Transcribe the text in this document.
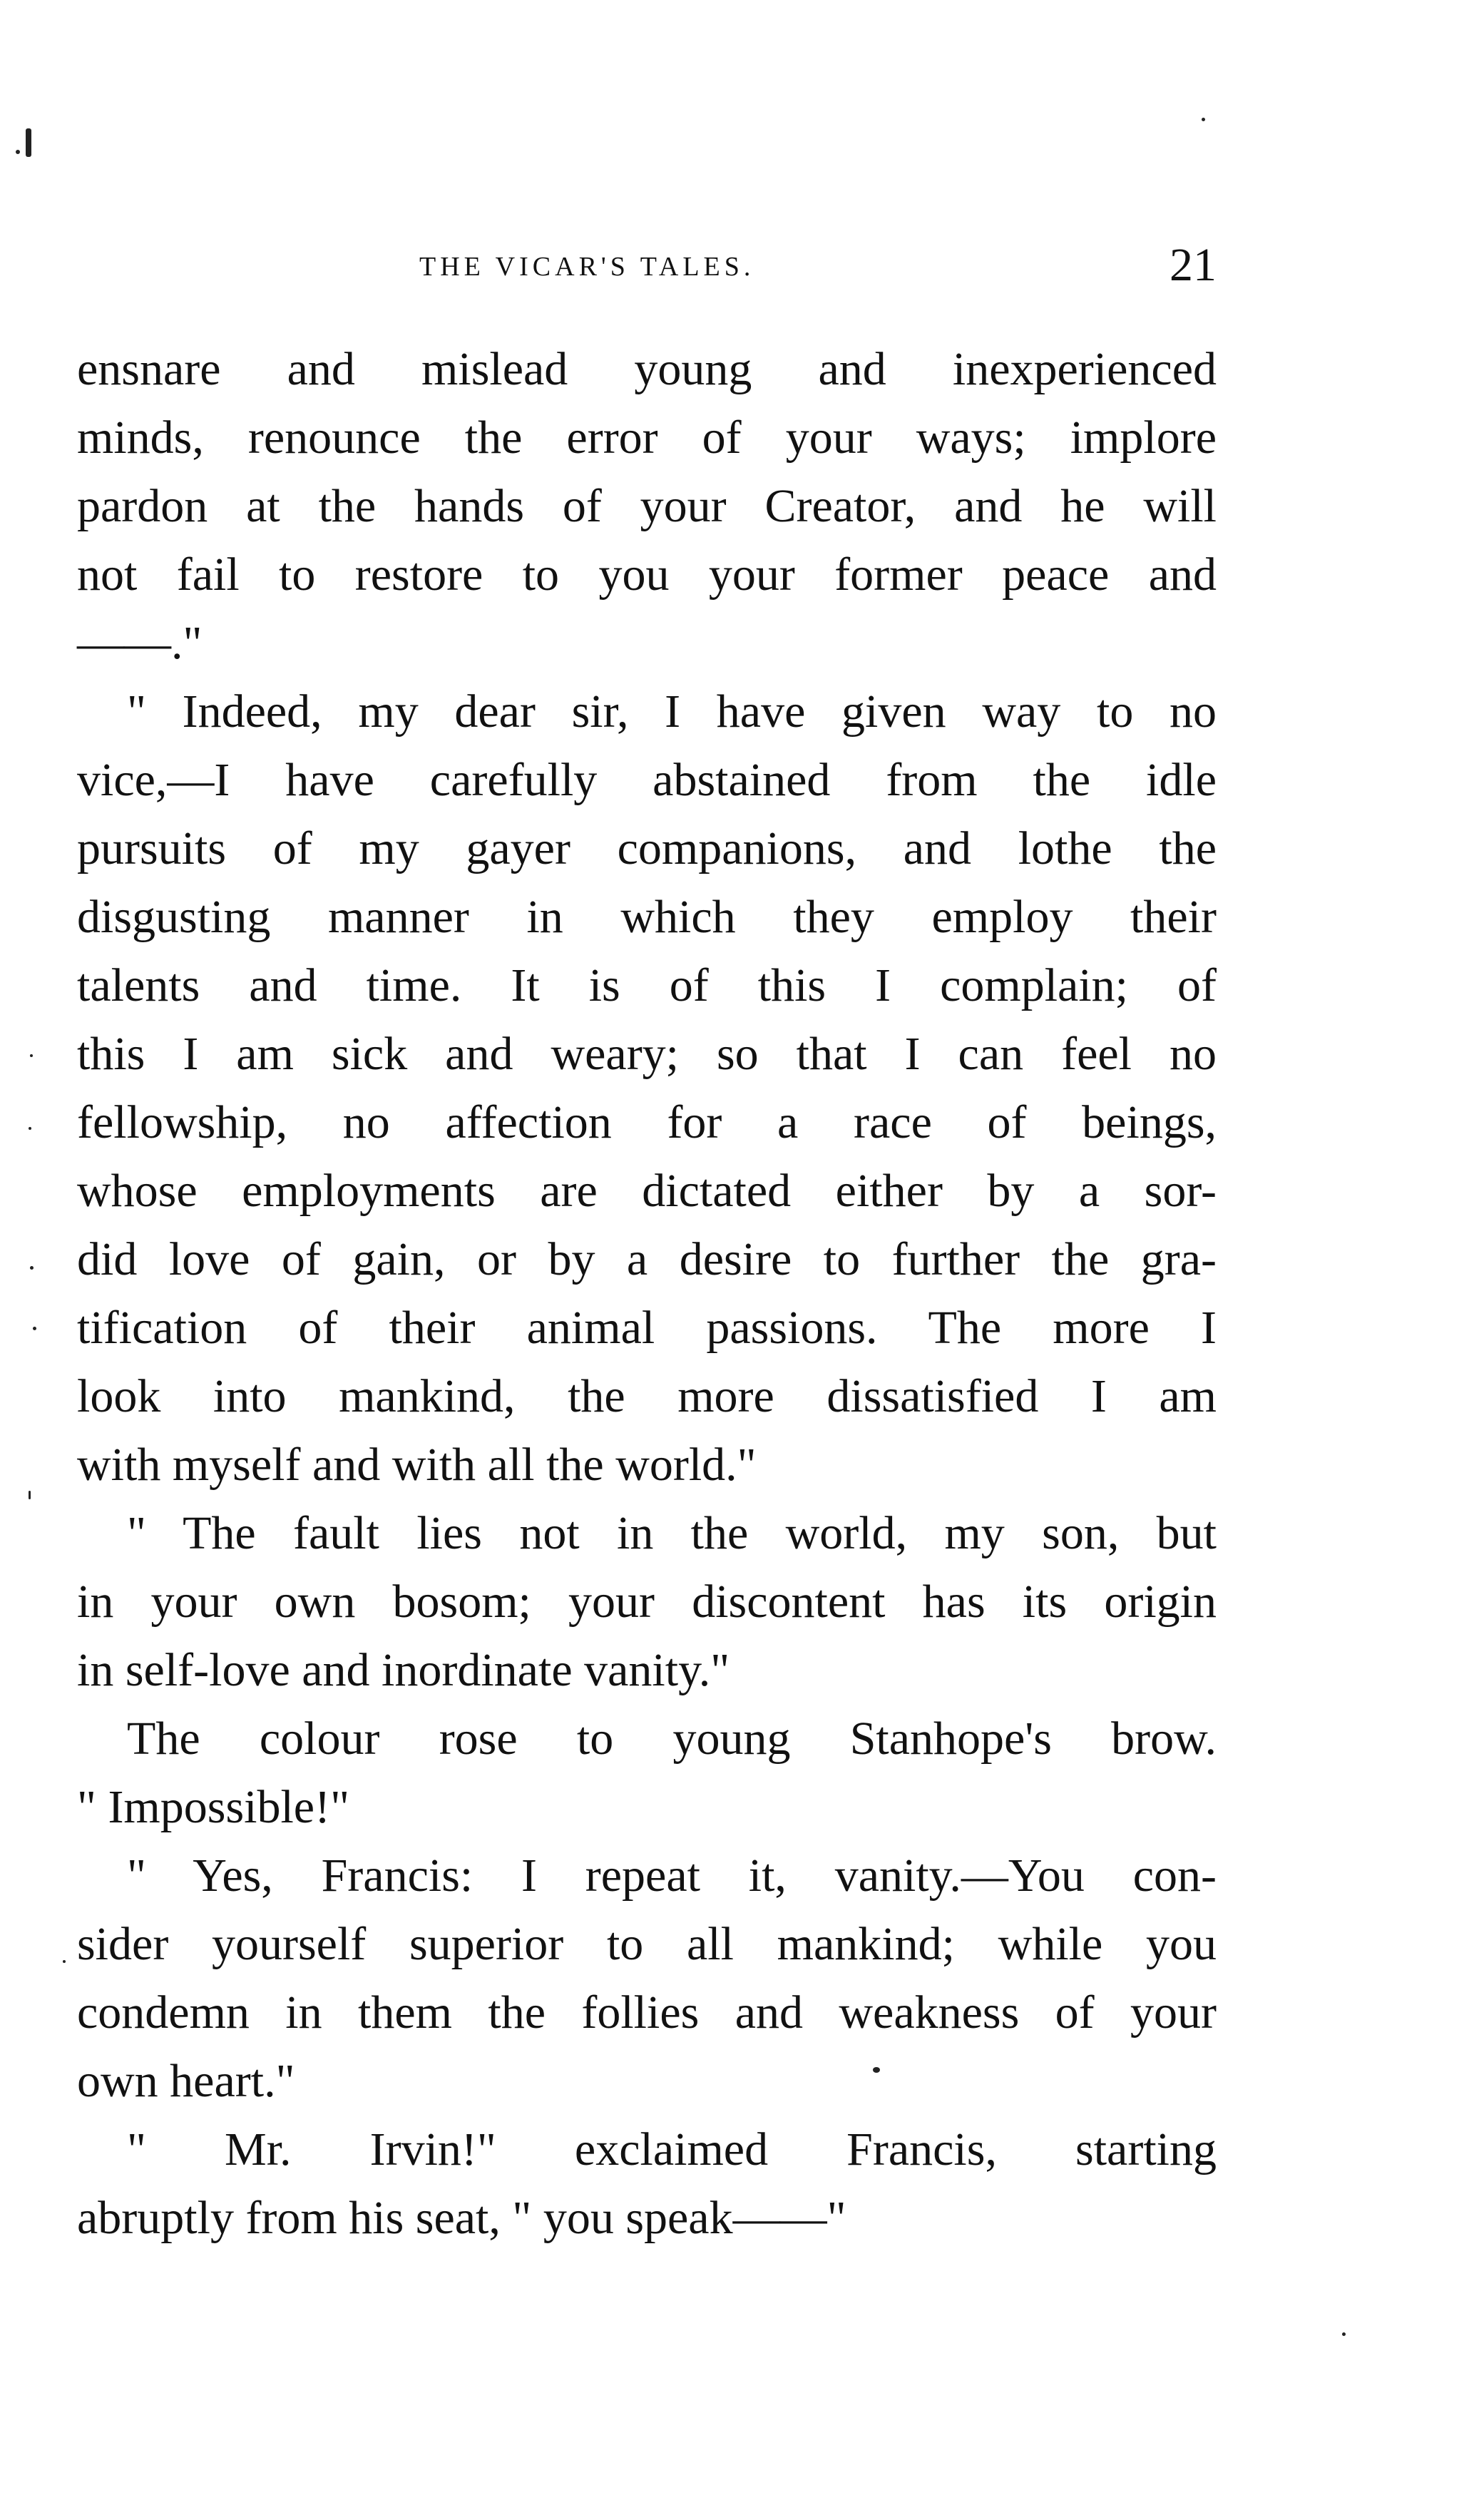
THE VICAR'S TALES.	21
ensnare and mislead young and inexperienced
minds, renounce the error of your ways; implore
pardon at the hands of your Creator, and he will
not fail to restore to you your former peace and
——."
" Indeed, my dear sir, I have given way to no
vice,—I have carefully abstained from the idle
pursuits of my gayer companions, and lothe the
disgusting manner in which they employ their
talents and time. It is of this I complain; of
this I am sick and weary; so that I can feel no
fellowship, no affection for a race of beings,
whose employments are dictated either by a sor-
did love of gain, or by a desire to further the gra-
tification of their animal passions. The more I
look into mankind, the more dissatisfied I am
with myself and with all the world."
" The fault lies not in the world, my son, but
in your own bosom; your discontent has its origin
in self-love and inordinate vanity."
The colour rose to young Stanhope's brow.
" Impossible!"
" Yes, Francis: I repeat it, vanity.—You con-
sider yourself superior to all mankind; while you
condemn in them the follies and weakness of your
own heart."
" Mr. Irvin!" exclaimed Francis, starting
abruptly from his seat, " you speak——"
